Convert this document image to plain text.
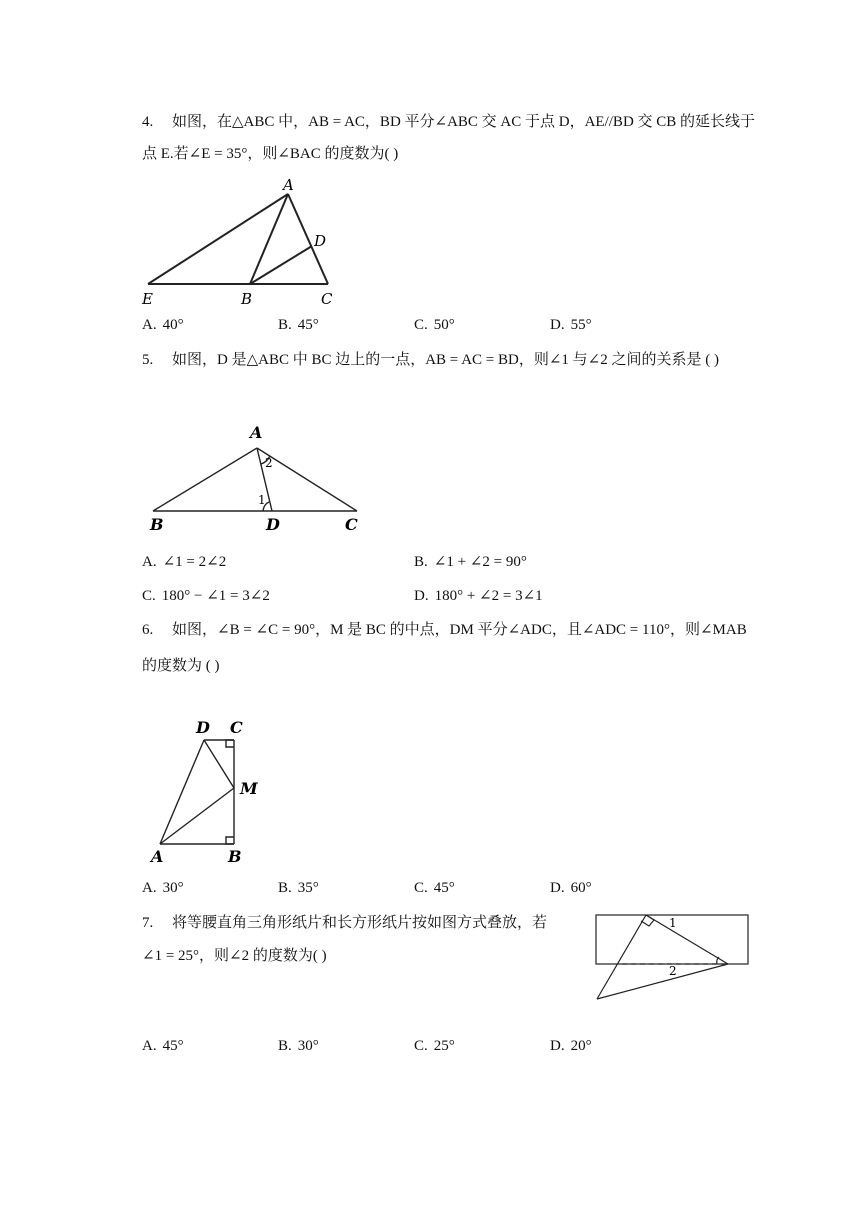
4. 如图，在△ABC 中，AB = AC，BD 平分∠ABC 交 AC 于点 D，AE//BD 交 CB 的延长线于
点 E.若∠E = 35°，则∠BAC 的度数为( )
A
D
E	B	C
A. 40°	B. 45°	C. 50°	D. 55°
5. 如图，D 是△ABC 中 BC 边上的一点，AB = AC = BD，则∠1 与∠2 之间的关系是 ( )
A
2
1
B	D	C
A. ∠1 = 2∠2	B. ∠1 + ∠2 = 90°
C. 180° − ∠1 = 3∠2	D. 180° + ∠2 = 3∠1
6. 如图，∠B = ∠C = 90°，M 是 BC 的中点，DM 平分∠ADC，且∠ADC = 110°，则∠MAB
的度数为 ( )
D C
M
A	B
A. 30°	B. 35°	C. 45°	D. 60°
7. 将等腰直角三角形纸片和长方形纸片按如图方式叠放，若
∠1 = 25°，则∠2 的度数为( )
1
2
A. 45°	B. 30°	C. 25°	D. 20°
